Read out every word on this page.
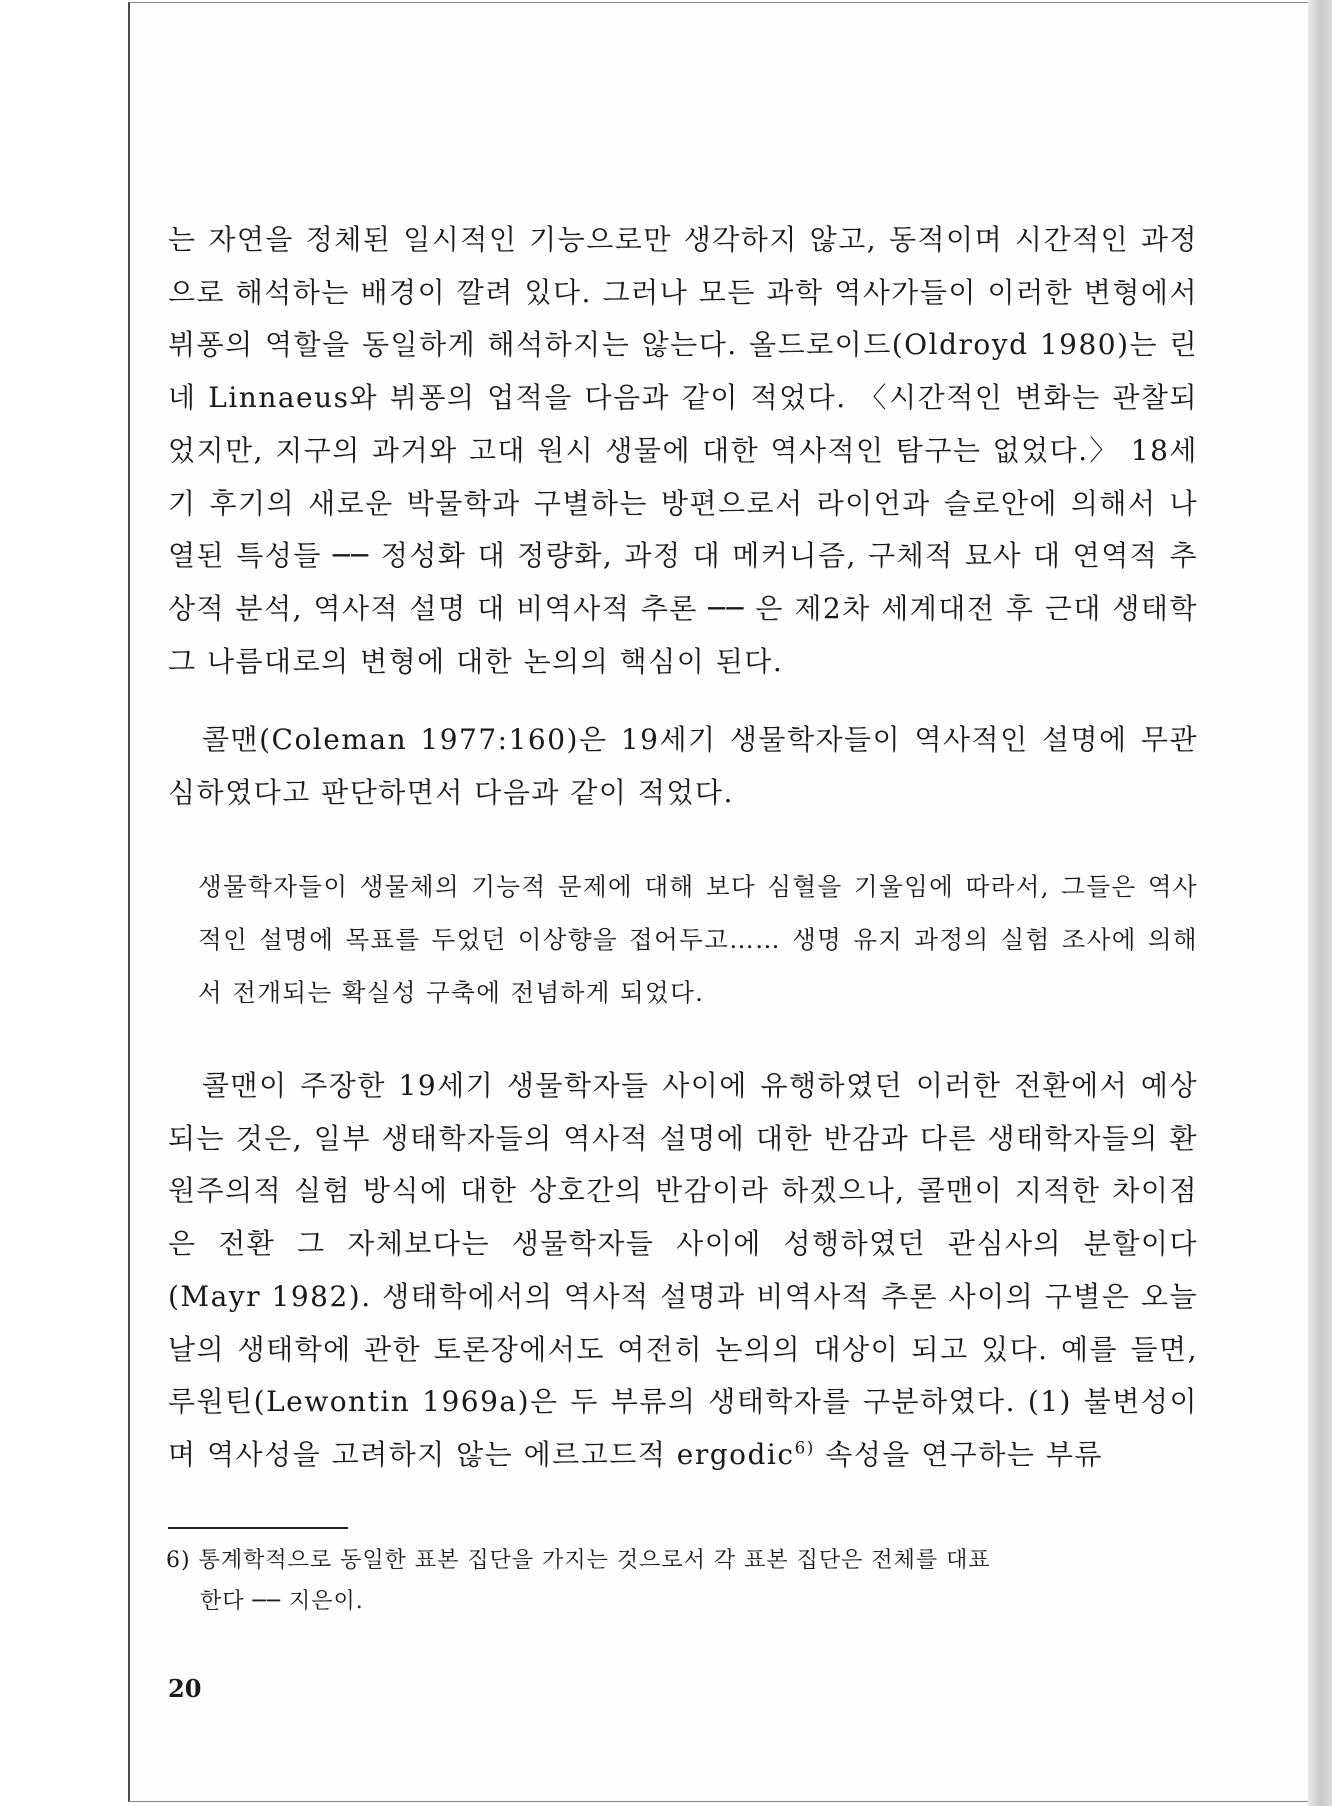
는 자연을 정체된 일시적인 기능으로만 생각하지 않고, 동적이며 시간적인 과정으로 해석하는 배경이 깔려 있다. 그러나 모든 과학 역사가들이 이러한 변형에서 뷔퐁의 역할을 동일하게 해석하지는 않는다. 올드로이드(Oldroyd 1980)는 린네 Linnaeus와 뷔퐁의 업적을 다음과 같이 적었다. 〈시간적인 변화는 관찰되었지만, 지구의 과거와 고대 원시 생물에 대한 역사적인 탐구는 없었다.〉 18세기 후기의 새로운 박물학과 구별하는 방편으로서 라이언과 슬로안에 의해서 나열된 특성들 ── 정성화 대 정량화, 과정 대 메커니즘, 구체적 묘사 대 연역적 추상적 분석, 역사적 설명 대 비역사적 추론 ── 은 제2차 세계대전 후 근대 생태학 그 나름대로의 변형에 대한 논의의 핵심이 된다.

콜맨(Coleman 1977:160)은 19세기 생물학자들이 역사적인 설명에 무관심하였다고 판단하면서 다음과 같이 적었다.

생물학자들이 생물체의 기능적 문제에 대해 보다 심혈을 기울임에 따라서, 그들은 역사적인 설명에 목표를 두었던 이상향을 접어두고…… 생명 유지 과정의 실험 조사에 의해서 전개되는 확실성 구축에 전념하게 되었다.

콜맨이 주장한 19세기 생물학자들 사이에 유행하였던 이러한 전환에서 예상되는 것은, 일부 생태학자들의 역사적 설명에 대한 반감과 다른 생태학자들의 환원주의적 실험 방식에 대한 상호간의 반감이라 하겠으나, 콜맨이 지적한 차이점은 전환 그 자체보다는 생물학자들 사이에 성행하였던 관심사의 분할이다(Mayr 1982). 생태학에서의 역사적 설명과 비역사적 추론 사이의 구별은 오늘날의 생태학에 관한 토론장에서도 여전히 논의의 대상이 되고 있다. 예를 들면, 루원틴(Lewontin 1969a)은 두 부류의 생태학자를 구분하였다. (1) 불변성이며 역사성을 고려하지 않는 에르고드적 ergodic$^{6)}$ 속성을 연구하는 부류

6) 통계학적으로 동일한 표본 집단을 가지는 것으로서 각 표본 집단은 전체를 대표
한다 ── 지은이.

20
